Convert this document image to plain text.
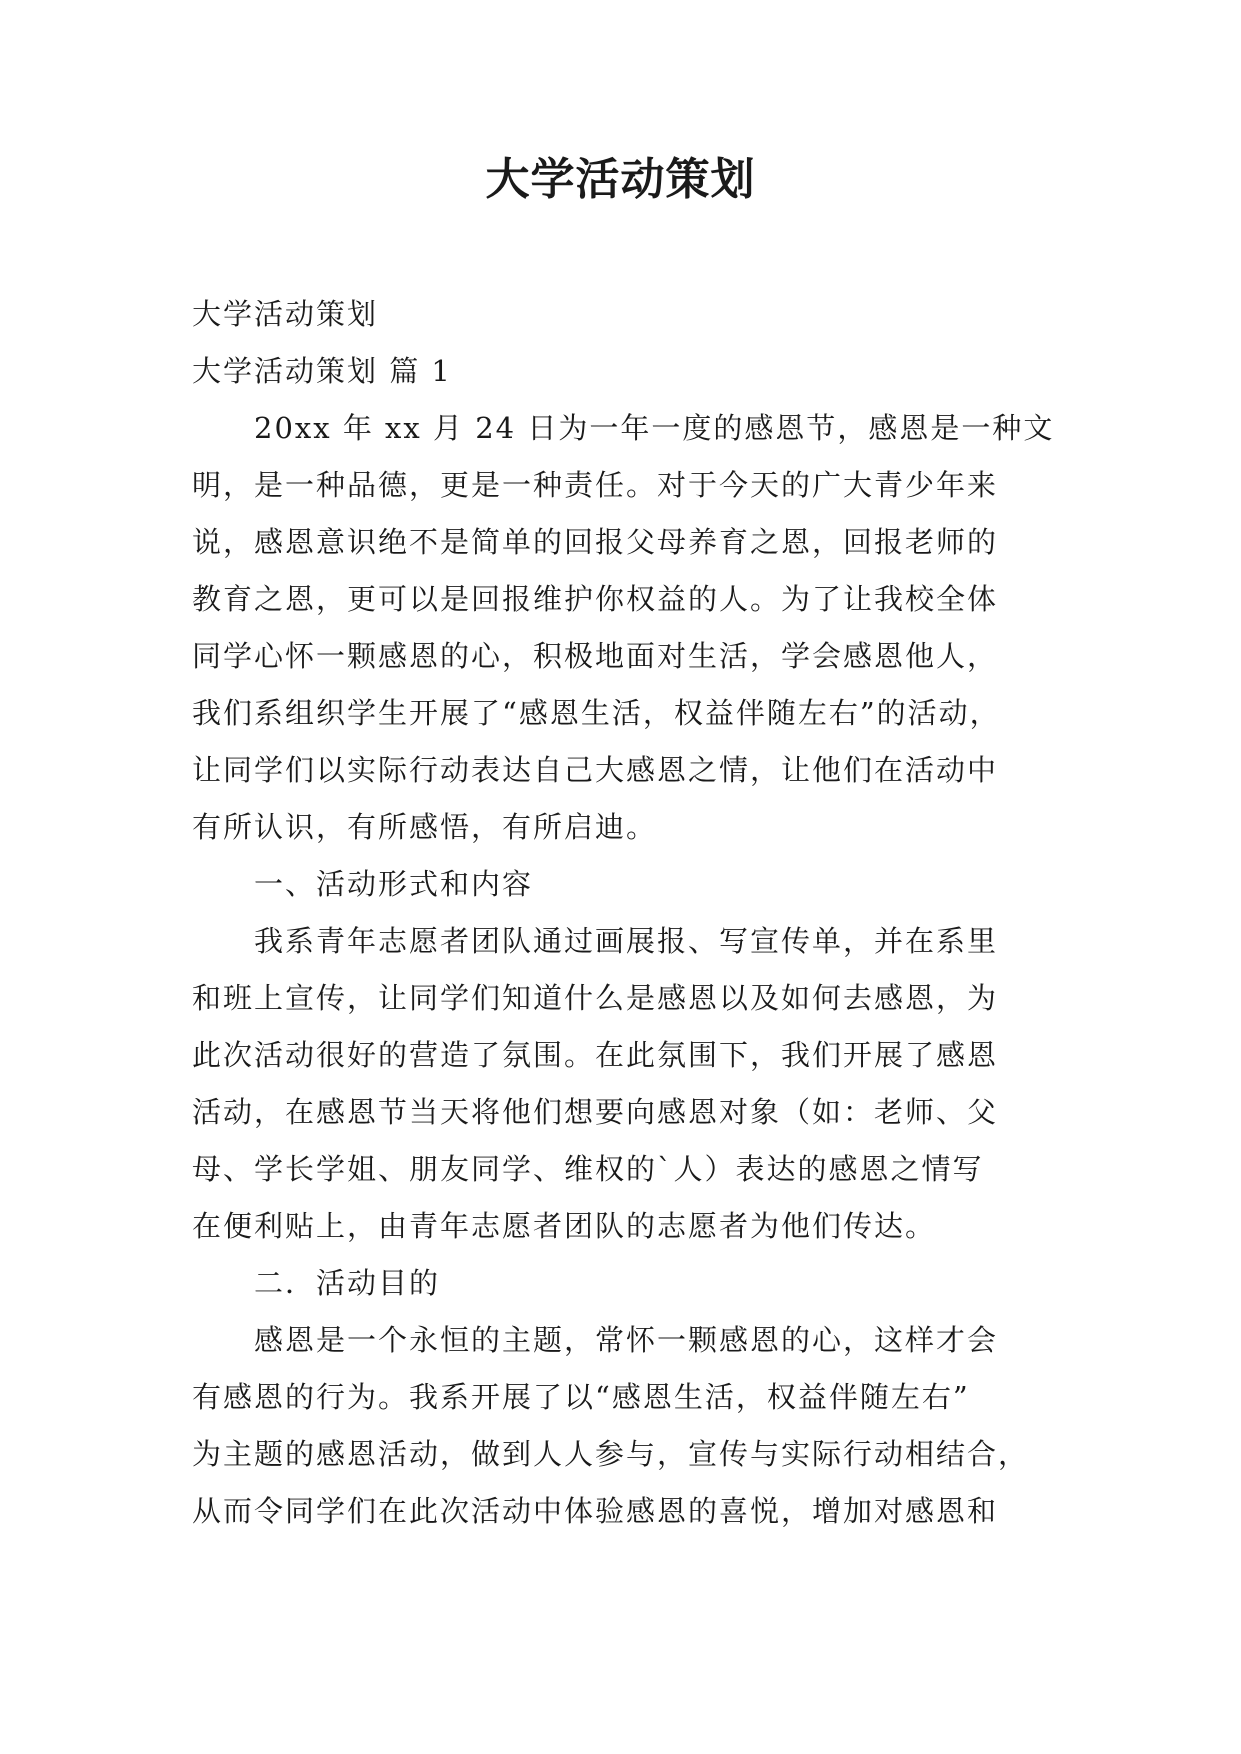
大学活动策划

大学活动策划

大学活动策划 篇 1

20xx 年 xx 月 24 日为一年一度的感恩节，感恩是一种文

明，是一种品德，更是一种责任。对于今天的广大青少年来

说，感恩意识绝不是简单的回报父母养育之恩，回报老师的

教育之恩，更可以是回报维护你权益的人。为了让我校全体

同学心怀一颗感恩的心，积极地面对生活，学会感恩他人，

我们系组织学生开展了“感恩生活，权益伴随左右”的活动，

让同学们以实际行动表达自己大感恩之情，让他们在活动中

有所认识，有所感悟，有所启迪。

一、活动形式和内容

我系青年志愿者团队通过画展报、写宣传单，并在系里

和班上宣传，让同学们知道什么是感恩以及如何去感恩，为

此次活动很好的营造了氛围。在此氛围下，我们开展了感恩

活动，在感恩节当天将他们想要向感恩对象（如：老师、父

母、学长学姐、朋友同学、维权的`人）表达的感恩之情写

在便利贴上，由青年志愿者团队的志愿者为他们传达。

二．活动目的

感恩是一个永恒的主题，常怀一颗感恩的心，这样才会

有感恩的行为。我系开展了以“感恩生活，权益伴随左右”

为主题的感恩活动，做到人人参与，宣传与实际行动相结合，

从而令同学们在此次活动中体验感恩的喜悦，增加对感恩和
